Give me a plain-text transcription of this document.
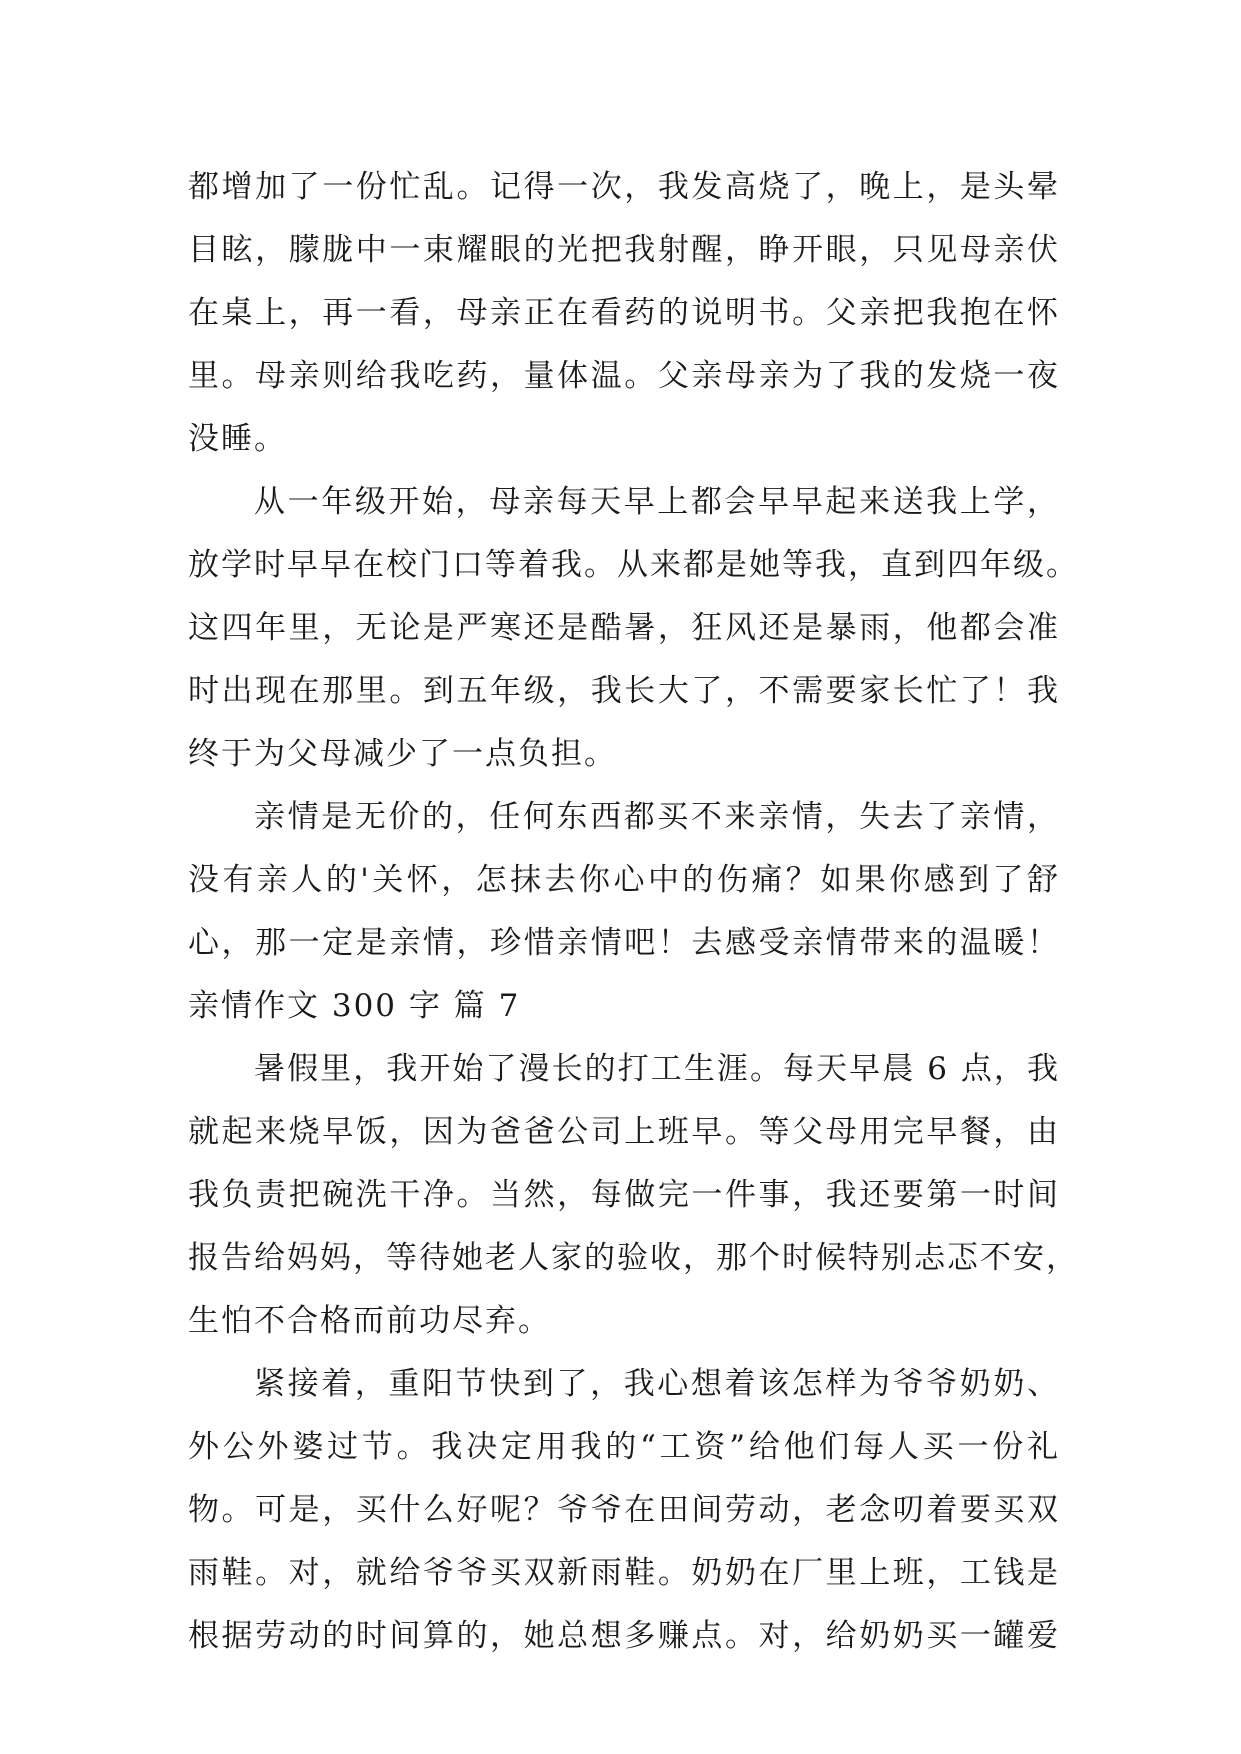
都增加了一份忙乱。记得一次，我发高烧了，晚上，是头晕
目眩，朦胧中一束耀眼的光把我射醒，睁开眼，只见母亲伏
在桌上，再一看，母亲正在看药的说明书。父亲把我抱在怀
里。母亲则给我吃药，量体温。父亲母亲为了我的发烧一夜
没睡。
从一年级开始，母亲每天早上都会早早起来送我上学，
放学时早早在校门口等着我。从来都是她等我，直到四年级。
这四年里，无论是严寒还是酷暑，狂风还是暴雨，他都会准
时出现在那里。到五年级，我长大了，不需要家长忙了！我
终于为父母减少了一点负担。
亲情是无价的，任何东西都买不来亲情，失去了亲情，
没有亲人的'关怀，怎抹去你心中的伤痛？如果你感到了舒
心，那一定是亲情，珍惜亲情吧！去感受亲情带来的温暖！
亲情作文 300 字 篇 7
暑假里，我开始了漫长的打工生涯。每天早晨 6 点，我
就起来烧早饭，因为爸爸公司上班早。等父母用完早餐，由
我负责把碗洗干净。当然，每做完一件事，我还要第一时间
报告给妈妈，等待她老人家的验收，那个时候特别忐忑不安，
生怕不合格而前功尽弃。
紧接着，重阳节快到了，我心想着该怎样为爷爷奶奶、
外公外婆过节。我决定用我的“工资”给他们每人买一份礼
物。可是，买什么好呢？爷爷在田间劳动，老念叨着要买双
雨鞋。对，就给爷爷买双新雨鞋。奶奶在厂里上班，工钱是
根据劳动的时间算的，她总想多赚点。对，给奶奶买一罐爱
